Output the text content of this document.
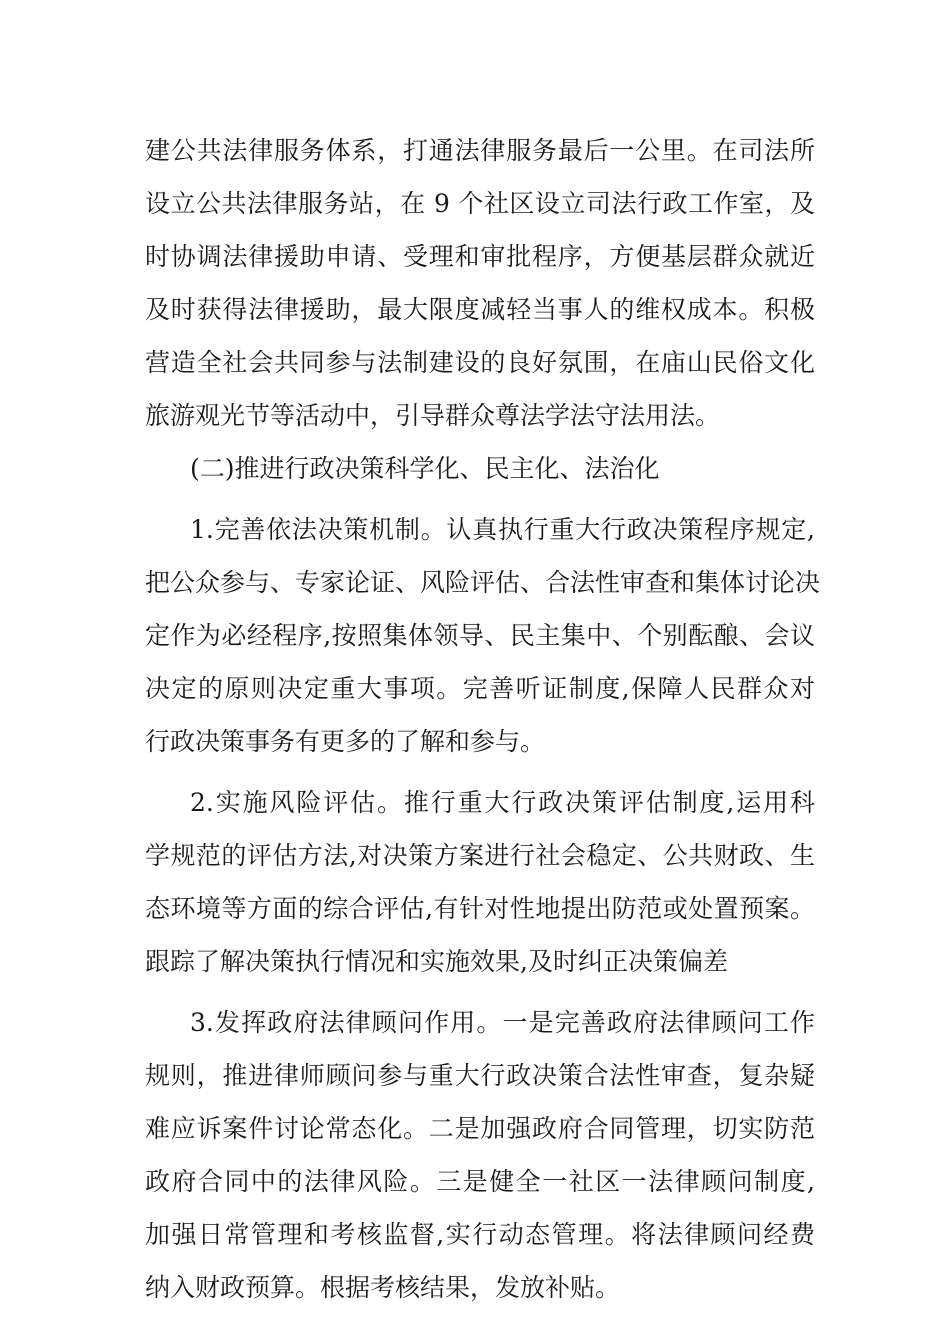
建公共法律服务体系，打通法律服务最后一公里。在司法所
设立公共法律服务站，在 9 个社区设立司法行政工作室，及
时协调法律援助申请、受理和审批程序，方便基层群众就近
及时获得法律援助，最大限度减轻当事人的维权成本。积极
营造全社会共同参与法制建设的良好氛围，在庙山民俗文化
旅游观光节等活动中，引导群众尊法学法守法用法。
(二)推进行政决策科学化、民主化、法治化
1.完善依法决策机制。认真执行重大行政决策程序规定,
把公众参与、专家论证、风险评估、合法性审查和集体讨论决
定作为必经程序,按照集体领导、民主集中、个别酝酿、会议
决定的原则决定重大事项。完善听证制度,保障人民群众对
行政决策事务有更多的了解和参与。
2.实施风险评估。推行重大行政决策评估制度,运用科
学规范的评估方法,对决策方案进行社会稳定、公共财政、生
态环境等方面的综合评估,有针对性地提出防范或处置预案。
跟踪了解决策执行情况和实施效果,及时纠正决策偏差
3.发挥政府法律顾问作用。一是完善政府法律顾问工作
规则，推进律师顾问参与重大行政决策合法性审查，复杂疑
难应诉案件讨论常态化。二是加强政府合同管理，切实防范
政府合同中的法律风险。三是健全一社区一法律顾问制度,
加强日常管理和考核监督,实行动态管理。将法律顾问经费
纳入财政预算。根据考核结果，发放补贴。
